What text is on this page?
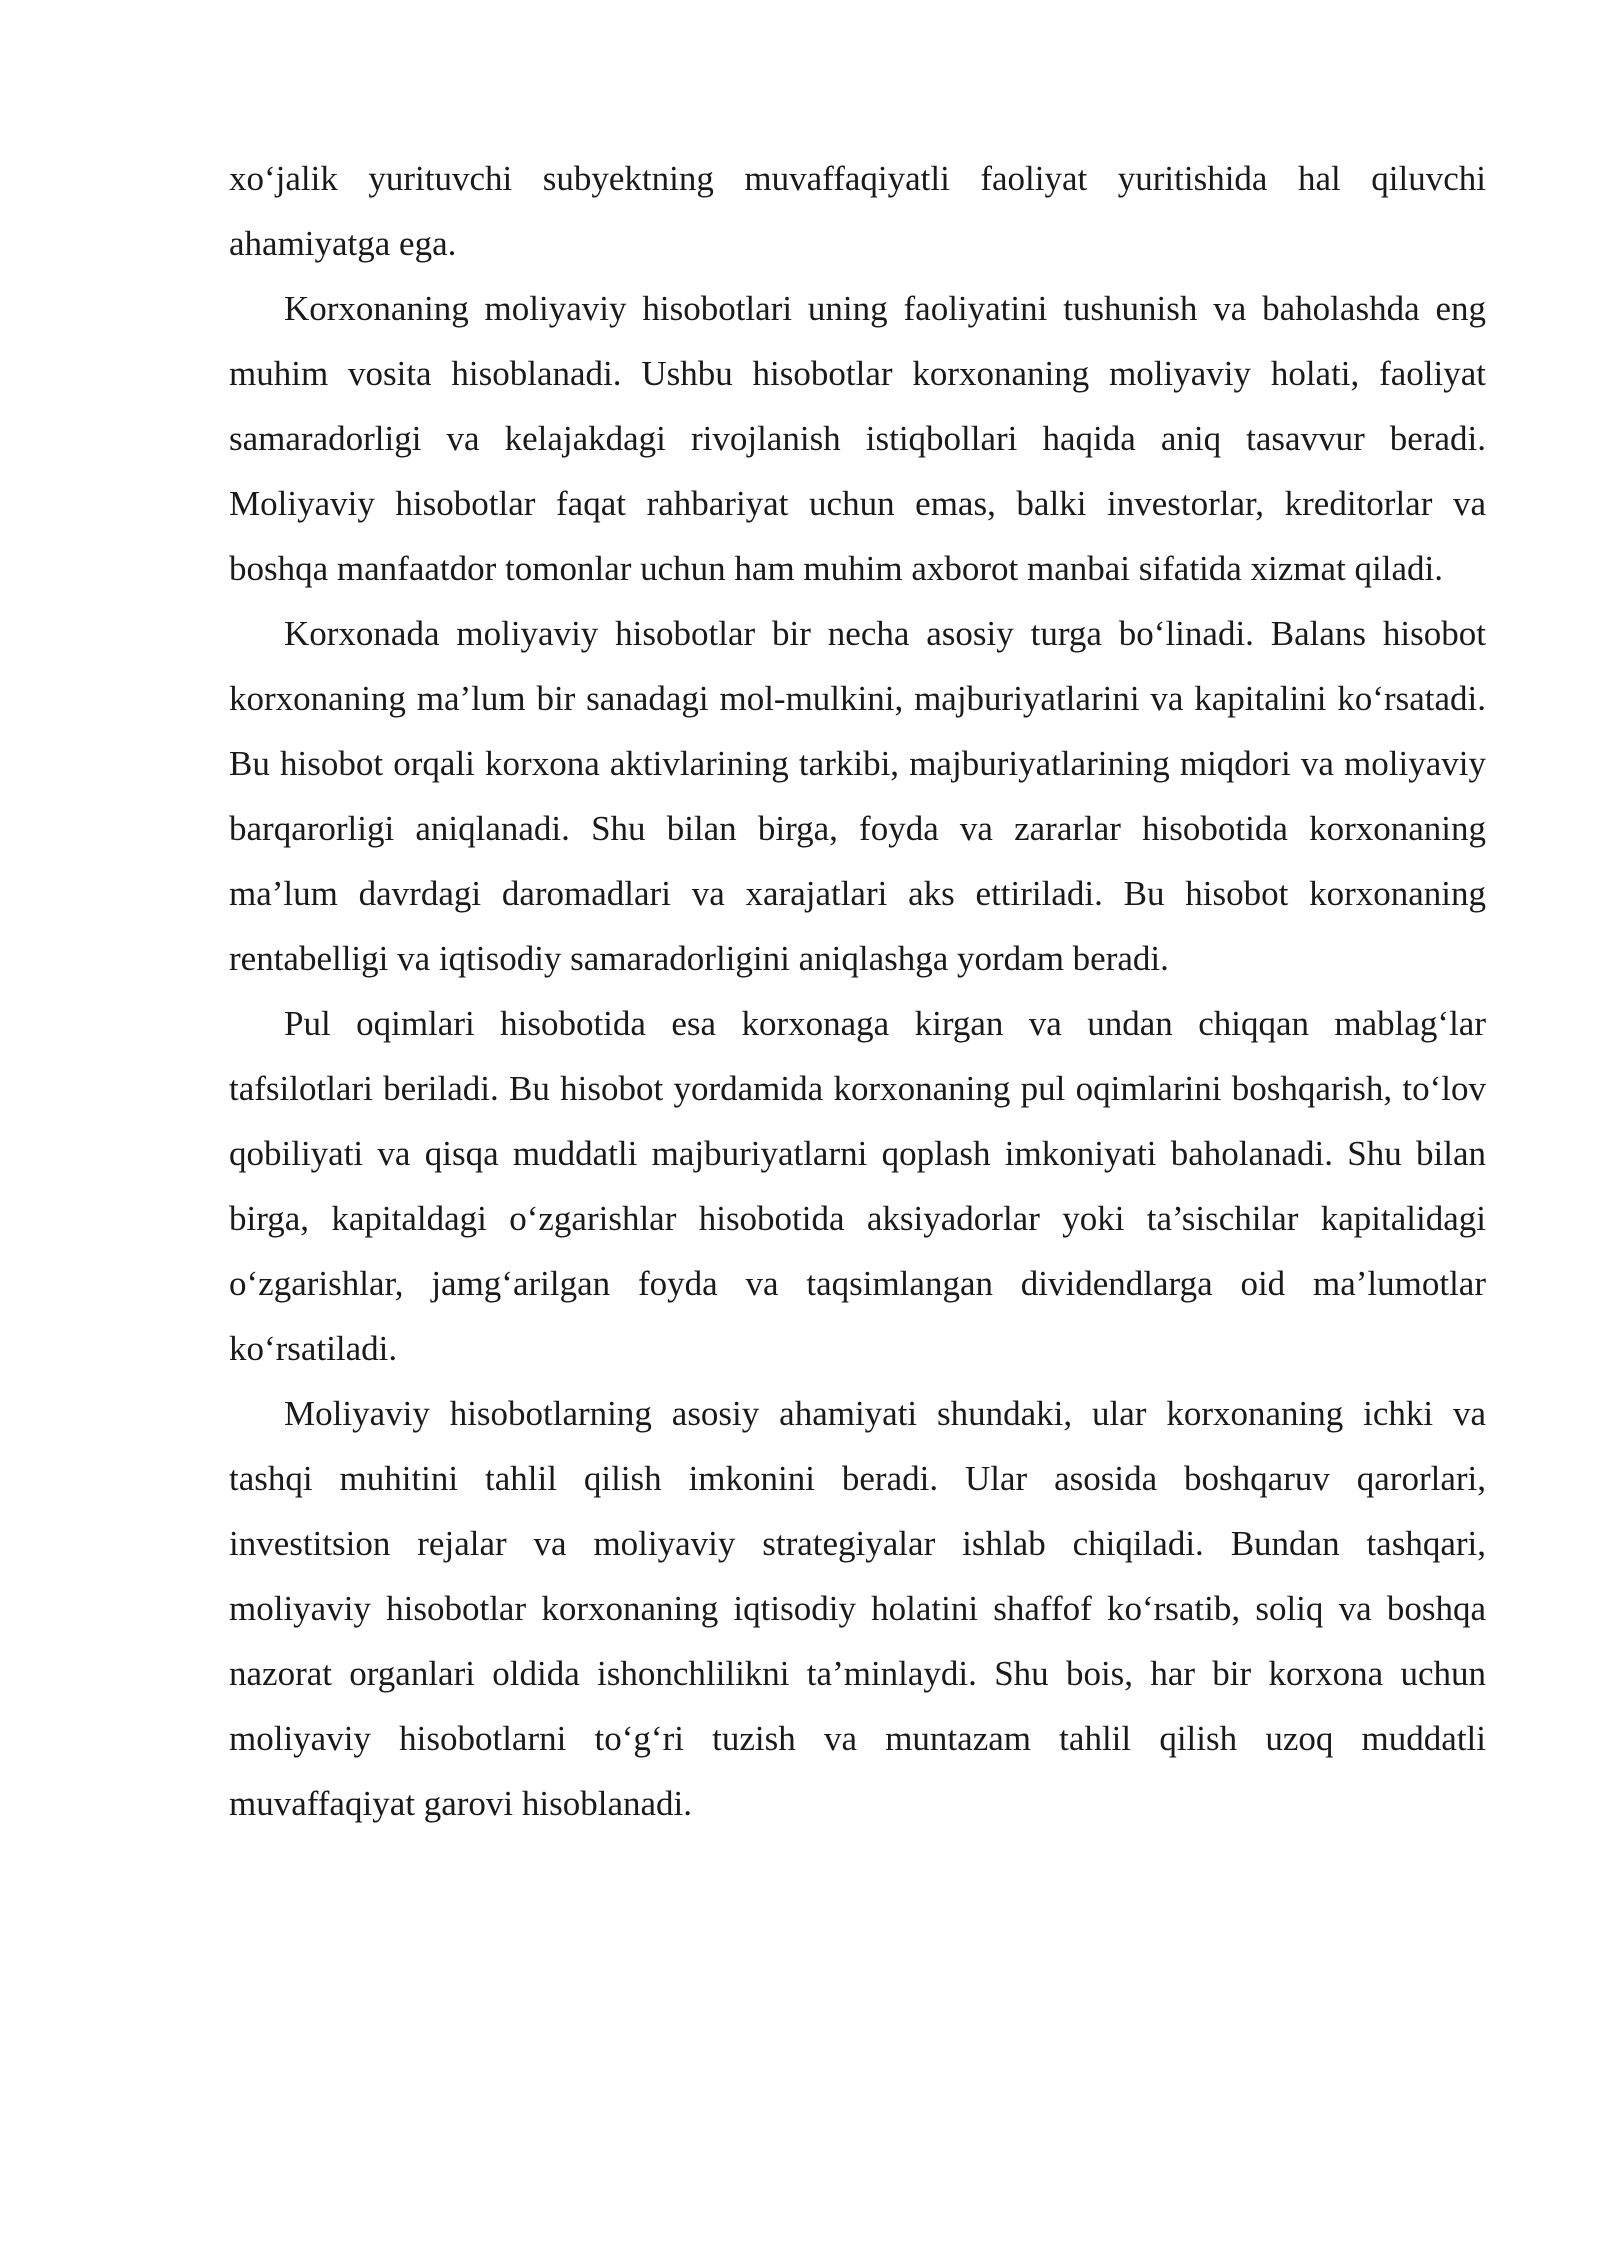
xo‘jalik yurituvchi subyektning muvaffaqiyatli faoliyat yuritishida hal qiluvchi ahamiyatga ega.

Korxonaning moliyaviy hisobotlari uning faoliyatini tushunish va baholashda eng muhim vosita hisoblanadi. Ushbu hisobotlar korxonaning moliyaviy holati, faoliyat samaradorligi va kelajakdagi rivojlanish istiqbollari haqida aniq tasavvur beradi. Moliyaviy hisobotlar faqat rahbariyat uchun emas, balki investorlar, kreditorlar va boshqa manfaatdor tomonlar uchun ham muhim axborot manbai sifatida xizmat qiladi.

Korxonada moliyaviy hisobotlar bir necha asosiy turga bo‘linadi. Balans hisobot korxonaning ma’lum bir sanadagi mol-mulkini, majburiyatlarini va kapitalini ko‘rsatadi. Bu hisobot orqali korxona aktivlarining tarkibi, majburiyatlarining miqdori va moliyaviy barqarorligi aniqlanadi. Shu bilan birga, foyda va zararlar hisobotida korxonaning ma’lum davrdagi daromadlari va xarajatlari aks ettiriladi. Bu hisobot korxonaning rentabelligi va iqtisodiy samaradorligini aniqlashga yordam beradi.

Pul oqimlari hisobotida esa korxonaga kirgan va undan chiqqan mablag‘lar tafsilotlari beriladi. Bu hisobot yordamida korxonaning pul oqimlarini boshqarish, to‘lov qobiliyati va qisqa muddatli majburiyatlarni qoplash imkoniyati baholanadi. Shu bilan birga, kapitaldagi o‘zgarishlar hisobotida aksiyadorlar yoki ta’sischilar kapitalidagi o‘zgarishlar, jamg‘arilgan foyda va taqsimlangan dividendlarga oid ma’lumotlar ko‘rsatiladi.

Moliyaviy hisobotlarning asosiy ahamiyati shundaki, ular korxonaning ichki va tashqi muhitini tahlil qilish imkonini beradi. Ular asosida boshqaruv qarorlari, investitsion rejalar va moliyaviy strategiyalar ishlab chiqiladi. Bundan tashqari, moliyaviy hisobotlar korxonaning iqtisodiy holatini shaffof ko‘rsatib, soliq va boshqa nazorat organlari oldida ishonchlilikni ta’minlaydi. Shu bois, har bir korxona uchun moliyaviy hisobotlarni to‘g‘ri tuzish va muntazam tahlil qilish uzoq muddatli muvaffaqiyat garovi hisoblanadi.
